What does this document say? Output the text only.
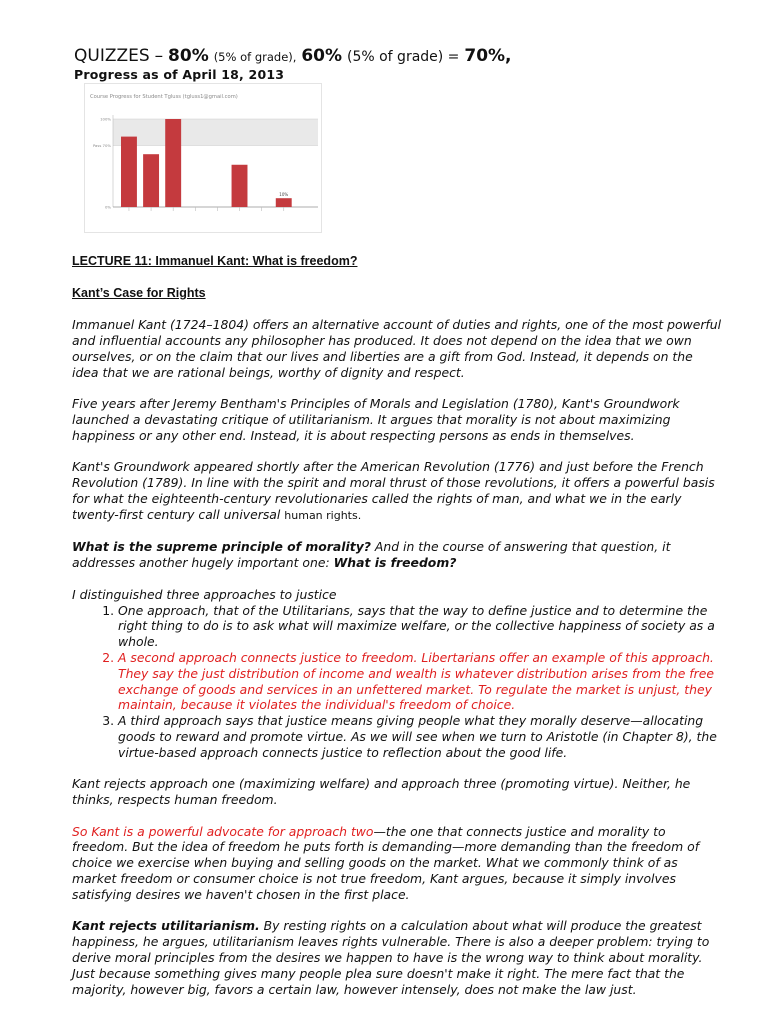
QUIZZES – 80% (5% of grade), 60% (5% of grade) = 70%,
Progress as of April 18, 2013
Course Progress for Student Tgluss (tgluss1@gmail.com)
100%
Pass 70%
0%
10%

LECTURE 11: Immanuel Kant: What is freedom?

Kant’s Case for Rights

Immanuel Kant (1724–1804) offers an alternative account of duties and rights, one of the most powerful and influential accounts any philosopher has produced. It does not depend on the idea that we own ourselves, or on the claim that our lives and liberties are a gift from God. Instead, it depends on the idea that we are rational beings, worthy of dignity and respect.

Five years after Jeremy Bentham's Principles of Morals and Legislation (1780), Kant's Groundwork launched a devastating critique of utilitarianism. It argues that morality is not about maximizing happiness or any other end. Instead, it is about respecting persons as ends in themselves.

Kant's Groundwork appeared shortly after the American Revolution (1776) and just before the French Revolution (1789). In line with the spirit and moral thrust of those revolutions, it offers a powerful basis for what the eighteenth-century revolutionaries called the rights of man, and what we in the early twenty-first century call universal human rights.

What is the supreme principle of morality? And in the course of answering that question, it addresses another hugely important one: What is freedom?

I distinguished three approaches to justice

1. One approach, that of the Utilitarians, says that the way to define justice and to determine the right thing to do is to ask what will maximize welfare, or the collective happiness of society as a whole.
2. A second approach connects justice to freedom. Libertarians offer an example of this approach. They say the just distribution of income and wealth is whatever distribution arises from the free exchange of goods and services in an unfettered market. To regulate the market is unjust, they maintain, because it violates the individual's freedom of choice.
3. A third approach says that justice means giving people what they morally deserve—allocating goods to reward and promote virtue. As we will see when we turn to Aristotle (in Chapter 8), the virtue-based approach connects justice to reflection about the good life.

Kant rejects approach one (maximizing welfare) and approach three (promoting virtue). Neither, he thinks, respects human freedom.

So Kant is a powerful advocate for approach two—the one that connects justice and morality to freedom. But the idea of freedom he puts forth is demanding—more demanding than the freedom of choice we exercise when buying and selling goods on the market. What we commonly think of as market freedom or consumer choice is not true freedom, Kant argues, because it simply involves satisfying desires we haven't chosen in the first place.

Kant rejects utilitarianism. By resting rights on a calculation about what will produce the greatest happiness, he argues, utilitarianism leaves rights vulnerable. There is also a deeper problem: trying to derive moral principles from the desires we happen to have is the wrong way to think about morality. Just because something gives many people plea sure doesn't make it right. The mere fact that the majority, however big, favors a certain law, however intensely, does not make the law just.
